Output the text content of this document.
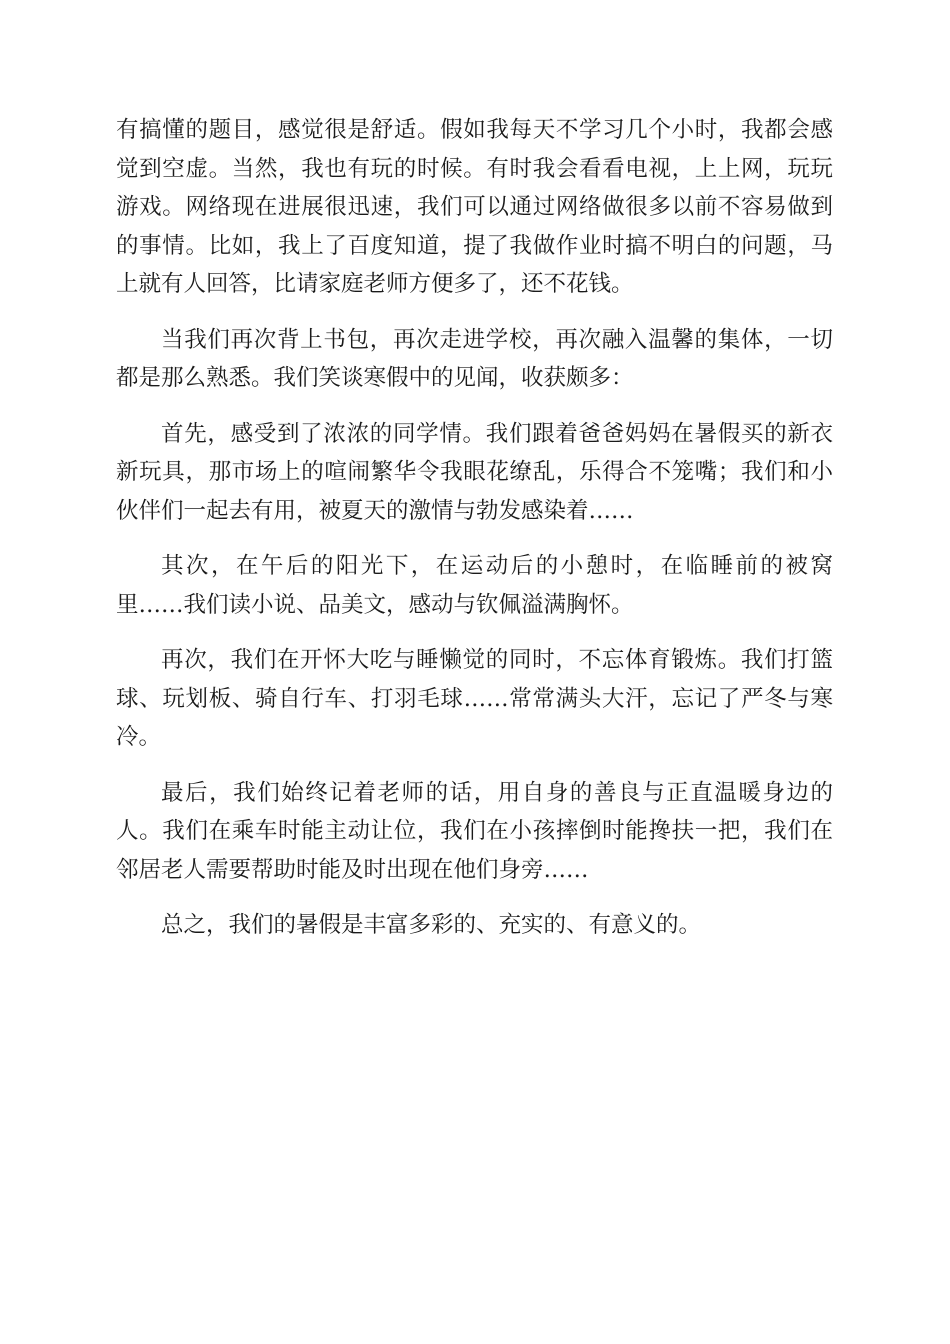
有搞懂的题目，感觉很是舒适。假如我每天不学习几个小时，我都会感觉到空虚。当然，我也有玩的时候。有时我会看看电视，上上网，玩玩游戏。网络现在进展很迅速，我们可以通过网络做很多以前不容易做到的事情。比如，我上了百度知道，提了我做作业时搞不明白的问题，马上就有人回答，比请家庭老师方便多了，还不花钱。

当我们再次背上书包，再次走进学校，再次融入温馨的集体，一切都是那么熟悉。我们笑谈寒假中的见闻，收获颇多：

首先，感受到了浓浓的同学情。我们跟着爸爸妈妈在暑假买的新衣新玩具，那市场上的喧闹繁华令我眼花缭乱，乐得合不笼嘴；我们和小伙伴们一起去有用，被夏天的激情与勃发感染着……

其次，在午后的阳光下，在运动后的小憩时，在临睡前的被窝里……我们读小说、品美文，感动与钦佩溢满胸怀。

再次，我们在开怀大吃与睡懒觉的同时，不忘体育锻炼。我们打篮球、玩划板、骑自行车、打羽毛球……常常满头大汗，忘记了严冬与寒冷。

最后，我们始终记着老师的话，用自身的善良与正直温暖身边的人。我们在乘车时能主动让位，我们在小孩摔倒时能搀扶一把，我们在邻居老人需要帮助时能及时出现在他们身旁……

总之，我们的暑假是丰富多彩的、充实的、有意义的。
